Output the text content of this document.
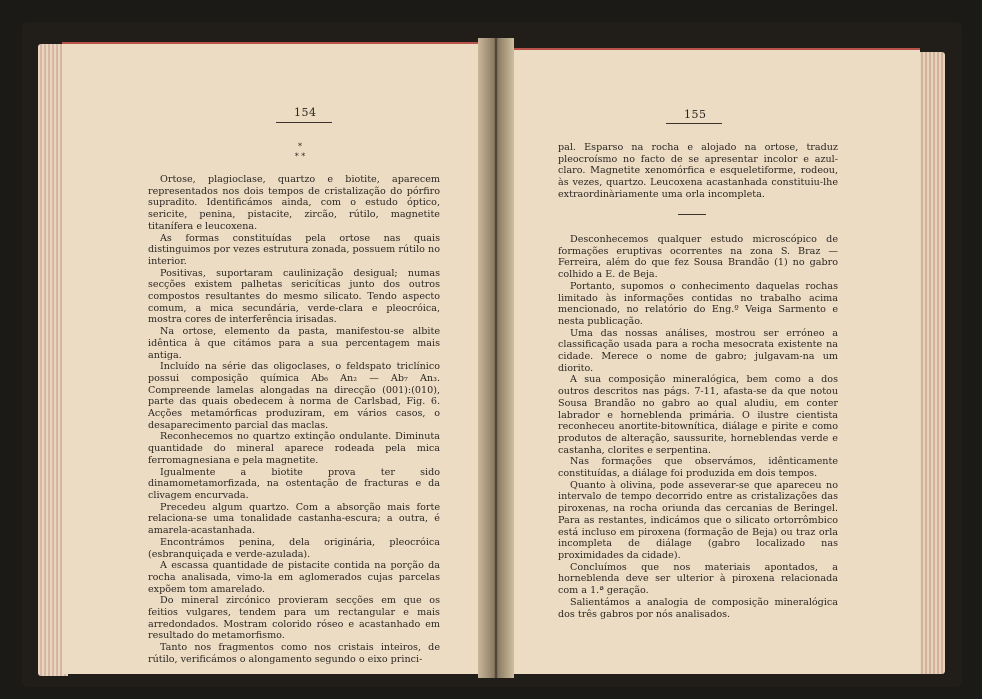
154
*
* *

Ortose, plagioclase, quartzo e biotite, aparecem representados nos dois tempos de cristalização do pórfiro supradito. Identificámos ainda, com o estudo óptico, sericite, penina, pistacite, zircão, rútilo, magnetite titanífera e leucoxena.

As formas constituídas pela ortose nas quais distinguimos por vezes estrutura zonada, possuem rútilo no interior.

Positivas, suportaram caulinização desigual; numas secções existem palhetas sericíticas junto dos outros compostos resultantes do mesmo silicato. Tendo aspecto comum, a mica secundária, verde-clara e pleocróica, mostra cores de interferência irisadas.

Na ortose, elemento da pasta, manifestou-se albite idêntica à que citámos para a sua percentagem mais antiga.

Incluído na série das oligoclases, o feldspato triclínico possui composição química Ab₆ An₂ — Ab₇ An₃. Compreende lamelas alongadas na direcção (001):(010), parte das quais obedecem à norma de Carlsbad, Fig. 6. Acções metamórficas produziram, em vários casos, o desaparecimento parcial das maclas.

Reconhecemos no quartzo extinção ondulante. Diminuta quantidade do mineral aparece rodeada pela mica ferromagnesiana e pela magnetite.

Igualmente a biotite prova ter sido dinamometamorfizada, na ostentação de fracturas e da clivagem encurvada.

Precedeu algum quartzo. Com a absorção mais forte relaciona-se uma tonalidade castanha-escura; a outra, é amarela-acastanhada.

Encontrámos penina, dela originária, pleocróica (esbranquiçada e verde-azulada).

A escassa quantidade de pistacite contida na porção da rocha analisada, vimo-la em aglomerados cujas parcelas expõem tom amarelado.

Do mineral zircónico provieram secções em que os feitios vulgares, tendem para um rectangular e mais arredondados. Mostram colorido róseo e acastanhado em resultado do metamorfismo.

Tanto nos fragmentos como nos cristais inteiros, de rútilo, verificámos o alongamento segundo o eixo princi-

155

pal. Esparso na rocha e alojado na ortose, traduz pleocroísmo no facto de se apresentar incolor e azul-claro. Magnetite xenomórfica e esqueletiforme, rodeou, às vezes, quartzo. Leucoxena acastanhada constituiu-lhe extraordinàriamente uma orla incompleta.

Desconhecemos qualquer estudo microscópico de formações eruptivas ocorrentes na zona S. Braz — Ferreira, além do que fez Sousa Brandão (1) no gabro colhido a E. de Beja.

Portanto, supomos o conhecimento daquelas rochas limitado às informações contidas no trabalho acima mencionado, no relatório do Eng.º Veiga Sarmento e nesta publicação.

Uma das nossas análises, mostrou ser erróneo a classificação usada para a rocha mesocrata existente na cidade. Merece o nome de gabro; julgavam-na um diorito.

A sua composição mineralógica, bem como a dos outros descritos nas págs. 7-11, afasta-se da que notou Sousa Brandão no gabro ao qual aludiu, em conter labrador e horneblenda primária. O ilustre cientista reconheceu anortite-bitownítica, diálage e pirite e como produtos de alteração, saussurite, horneblendas verde e castanha, clorites e serpentina.

Nas formações que observámos, idênticamente constituídas, a diálage foi produzida em dois tempos.

Quanto à olivina, pode asseverar-se que apareceu no intervalo de tempo decorrido entre as cristalizações das piroxenas, na rocha oriunda das cercanias de Beringel. Para as restantes, indicámos que o silicato ortorrômbico está incluso em piroxena (formação de Beja) ou traz orla incompleta de diálage (gabro localizado nas proximidades da cidade).

Concluímos que nos materiais apontados, a horneblenda deve ser ulterior à piroxena relacionada com a 1.ª geração.

Salientámos a analogia de composição mineralógica dos três gabros por nós analisados.
